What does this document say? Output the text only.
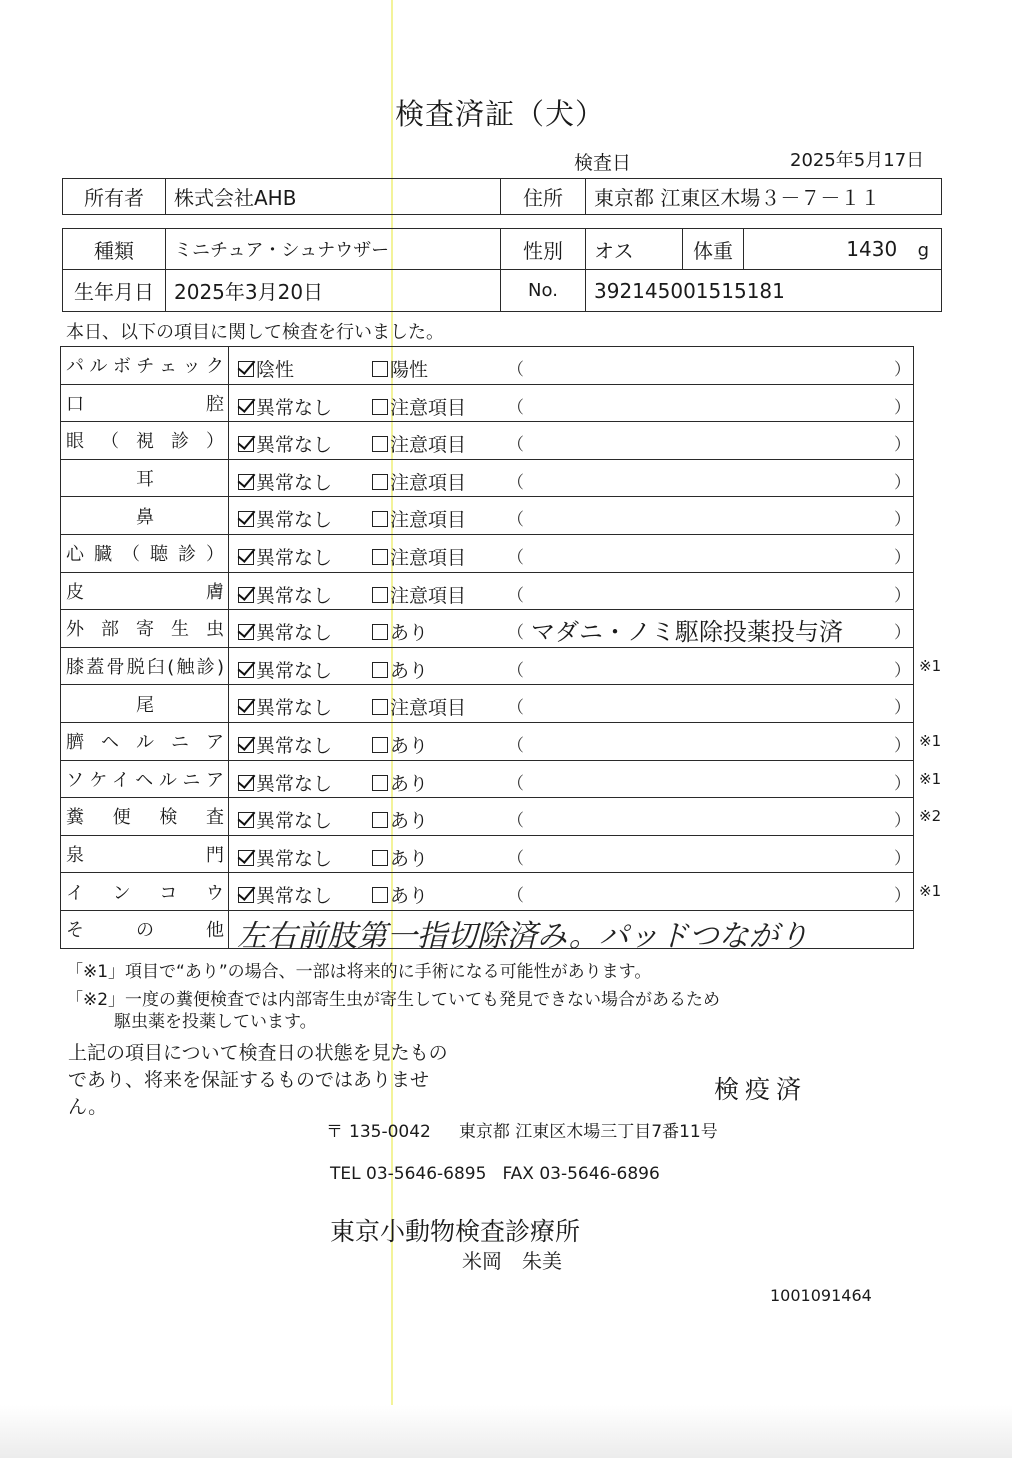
検査済証（犬）
検査日	2025年5月17日
所有者	株式会社AHB	住所	東京都 江東区木場３－７－１１
種類	ミニチュア・シュナウザー	性別	オス	体重	1430 g
生年月日	2025年3月20日	No.	392145001515181		
本日、以下の項目に関して検査を行いました。
パルボチェック	陰性	陽性	（	）
口腔	異常なし	注意項目 （	）
眼（視診）	異常なし	注意項目 （	）
耳	異常なし	注意項目 （	）
鼻	異常なし	注意項目 （	）
心臓（聴診）	異常なし	注意項目 （	）
皮膚	異常なし	注意項目 （	）
外部寄生虫	異常なし	あり	（ マダニ・ノミ駆除投薬投与済	）
膝蓋骨脱臼(触診)	異常なし	あり	（	） ※1
尾	異常なし	注意項目 （	）
臍ヘルニア	異常なし	あり	（	） ※1
ソケイヘルニア	異常なし	あり	（	） ※1
糞便検査	異常なし	あり	（	） ※2
泉門	異常なし	あり	（	）
インコウ	異常なし	あり	（	） ※1
その他 左右前肢第一指切除済み。パッドつながり
「※1」項目で“あり”の場合、一部は将来的に手術になる可能性があります。
「※2」一度の糞便検査では内部寄生虫が寄生していても発見できない場合があるため
駆虫薬を投薬しています。
上記の項目について検査日の状態を見たものであり、将来を保証するものではありません。
検疫済
〒 135-0042 東京都 江東区木場三丁目7番11号
TEL 03-5646-6895 FAX 03-5646-6896
東京小動物検査診療所
米岡　朱美
1001091464
